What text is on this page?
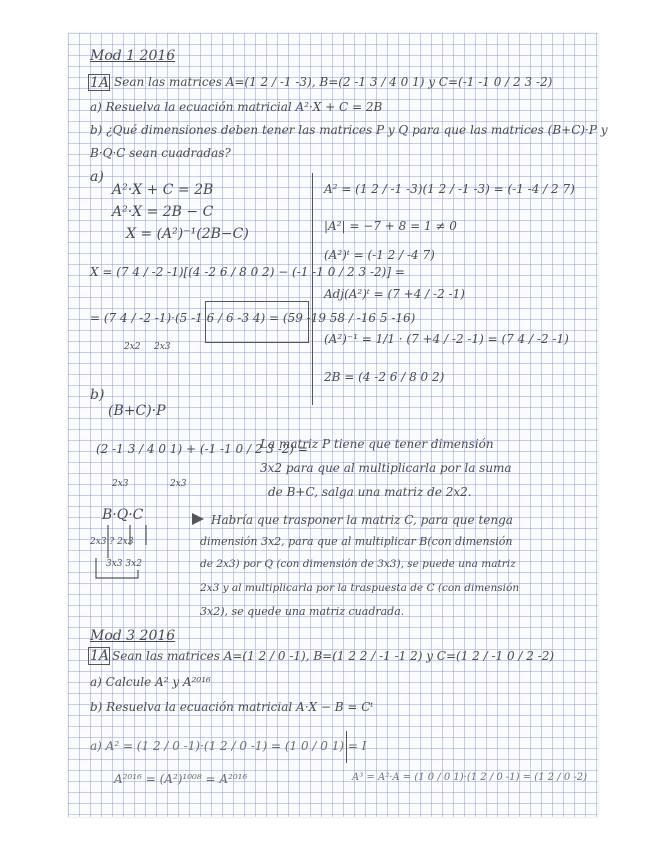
Mod 1 2016
1A Sean las matrices A=(1 2 / -1 -3), B=(2 -1 3 / 4 0 1) y C=(-1 -1 0 / 2 3 -2)
a) Resuelva la ecuación matricial A²·X + C = 2B
b) ¿Qué dimensiones deben tener las matrices P y Q para que las matrices (B+C)·P y
B·Q·C sean cuadradas?
a)
A²·X + C = 2B
A²·X = 2B − C
X = (A²)⁻¹(2B−C)
X = (7 4 / -2 -1)[(4 -2 6 / 8 0 2) − (-1 -1 0 / 2 3 -2)] =
= (7 4 / -2 -1)·(5 -1 6 / 6 -3 4) = (59 -19 58 / -16 5 -16)
2x2 2x3
A² = (1 2 / -1 -3)(1 2 / -1 -3) = (-1 -4 / 2 7)
|A²| = −7 + 8 = 1 ≠ 0
(A²)ᵗ = (-1 2 / -4 7)
Adj(A²)ᵗ = (7 +4 / -2 -1)
(A²)⁻¹ = 1/1 · (7 +4 / -2 -1) = (7 4 / -2 -1)
2B = (4 -2 6 / 8 0 2)
b)
(B+C)·P
(2 -1 3 / 4 0 1) + (-1 -1 0 / 2 3 -2) =
2x3	2x3
La matriz P tiene que tener dimensión
3x2 para que al multiplicarla por la suma
de B+C, salga una matriz de 2x2.
B·Q·C
2x3 ? 2x3
3x3 3x2
Habría que trasponer la matriz C, para que tenga
dimensión 3x2, para que al multiplicar B(con dimensión
de 2x3) por Q (con dimensión de 3x3), se puede una matriz
2x3 y al multiplicarla por la traspuesta de C (con dimensión
3x2), se quede una matriz cuadrada.
Mod 3 2016
1A Sean las matrices A=(1 2 / 0 -1), B=(1 2 2 / -1 -1 2) y C=(1 2 / -1 0 / 2 -2)
a) Calcule A² y A²⁰¹⁶
b) Resuelva la ecuación matricial A·X − B = Cᵗ
a) A² = (1 2 / 0 -1)·(1 2 / 0 -1) = (1 0 / 0 1) = I
A³ = A²·A = (1 0 / 0 1)·(1 2 / 0 -1) = (1 2 / 0 -2)
A²⁰¹⁶ = (A²)¹⁰⁰⁸ = A²⁰¹⁶
